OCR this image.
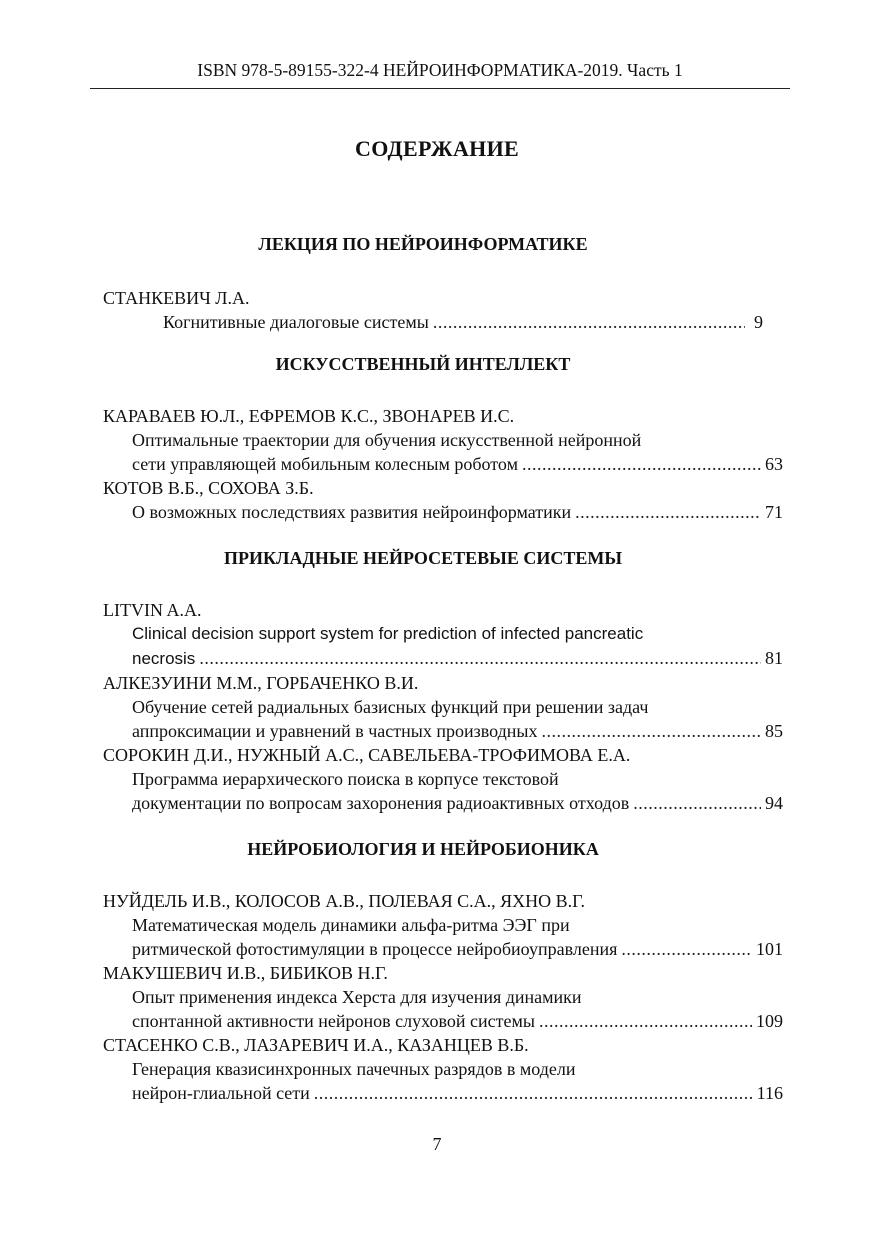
ISBN 978-5-89155-322-4 НЕЙРОИНФОРМАТИКА-2019. Часть 1
СОДЕРЖАНИЕ
ЛЕКЦИЯ ПО НЕЙРОИНФОРМАТИКЕ
СТАНКЕВИЧ Л.А.
Когнитивные диалоговые системы .....	9
ИСКУССТВЕННЫЙ ИНТЕЛЛЕКТ
КАРАВАЕВ Ю.Л., ЕФРЕМОВ К.С., ЗВОНАРЕВ И.С.
Оптимальные траектории для обучения искусственной нейронной
сети управляющей мобильным колесным роботом .....	63
КОТОВ В.Б., СОХОВА З.Б.
О возможных последствиях развития нейроинформатики .....	71
ПРИКЛАДНЫЕ НЕЙРОСЕТЕВЫЕ СИСТЕМЫ
LITVIN A.A.
Clinical decision support system for prediction of infected pancreatic
necrosis .....	81
АЛКЕЗУИНИ М.М., ГОРБАЧЕНКО В.И.
Обучение сетей радиальных базисных функций при решении задач
аппроксимации и уравнений в частных производных .....	85
СОРОКИН Д.И., НУЖНЫЙ А.С., САВЕЛЬЕВА-ТРОФИМОВА Е.А.
Программа иерархического поиска в корпусе текстовой
документации по вопросам захоронения радиоактивных отходов .....	94
НЕЙРОБИОЛОГИЯ И НЕЙРОБИОНИКА
НУЙДЕЛЬ И.В., КОЛОСОВ А.В., ПОЛЕВАЯ С.А., ЯХНО В.Г.
Математическая модель динамики альфа-ритма ЭЭГ при
ритмической фотостимуляции в процессе нейробиоуправления .....	101
МАКУШЕВИЧ И.В., БИБИКОВ Н.Г.
Опыт применения индекса Херста для изучения динамики
спонтанной активности нейронов слуховой системы .....	109
СТАСЕНКО С.В., ЛАЗАРЕВИЧ И.А., КАЗАНЦЕВ В.Б.
Генерация квазисинхронных пачечных разрядов в модели
нейрон-глиальной сети .....	116
7
